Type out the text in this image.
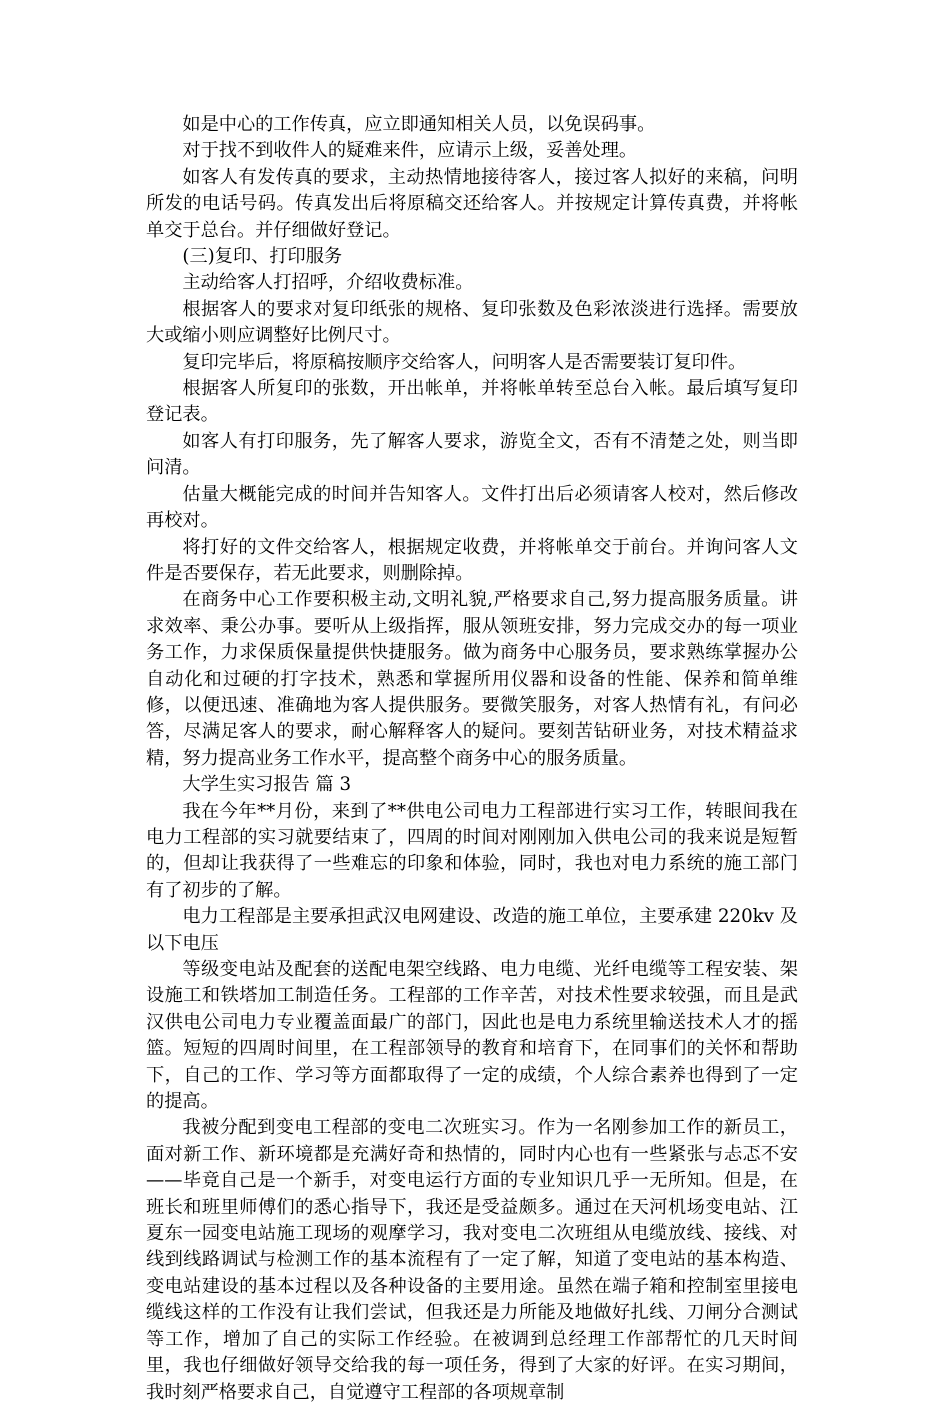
如是中心的工作传真，应立即通知相关人员，以免误码事。

对于找不到收件人的疑难来件，应请示上级，妥善处理。

如客人有发传真的要求，主动热情地接待客人，接过客人拟好的来稿，问明所发的电话号码。传真发出后将原稿交还给客人。并按规定计算传真费，并将帐单交于总台。并仔细做好登记。

(三)复印、打印服务

主动给客人打招呼，介绍收费标准。

根据客人的要求对复印纸张的规格、复印张数及色彩浓淡进行选择。需要放大或缩小则应调整好比例尺寸。

复印完毕后，将原稿按顺序交给客人，问明客人是否需要装订复印件。

根据客人所复印的张数，开出帐单，并将帐单转至总台入帐。最后填写复印登记表。

如客人有打印服务，先了解客人要求，游览全文，否有不清楚之处，则当即问清。

估量大概能完成的时间并告知客人。文件打出后必须请客人校对，然后修改再校对。

将打好的文件交给客人，根据规定收费，并将帐单交于前台。并询问客人文件是否要保存，若无此要求，则删除掉。

在商务中心工作要积极主动,文明礼貌,严格要求自己,努力提高服务质量。讲求效率、秉公办事。要听从上级指挥，服从领班安排，努力完成交办的每一项业务工作，力求保质保量提供快捷服务。做为商务中心服务员，要求熟练掌握办公自动化和过硬的打字技术，熟悉和掌握所用仪器和设备的性能、保养和简单维修，以便迅速、准确地为客人提供服务。要微笑服务，对客人热情有礼，有问必答，尽满足客人的要求，耐心解释客人的疑问。要刻苦钻研业务，对技术精益求精，努力提高业务工作水平，提高整个商务中心的服务质量。

大学生实习报告 篇 3

我在今年**月份，来到了**供电公司电力工程部进行实习工作，转眼间我在电力工程部的实习就要结束了，四周的时间对刚刚加入供电公司的我来说是短暂的，但却让我获得了一些难忘的印象和体验，同时，我也对电力系统的施工部门有了初步的了解。

电力工程部是主要承担武汉电网建设、改造的施工单位，主要承建 220kv 及以下电压

等级变电站及配套的送配电架空线路、电力电缆、光纤电缆等工程安装、架设施工和铁塔加工制造任务。工程部的工作辛苦，对技术性要求较强，而且是武汉供电公司电力专业覆盖面最广的部门，因此也是电力系统里输送技术人才的摇篮。短短的四周时间里，在工程部领导的教育和培育下，在同事们的关怀和帮助下，自己的工作、学习等方面都取得了一定的成绩，个人综合素养也得到了一定的提高。

我被分配到变电工程部的变电二次班实习。作为一名刚参加工作的新员工，面对新工作、新环境都是充满好奇和热情的，同时内心也有一些紧张与忐忑不安——毕竟自己是一个新手，对变电运行方面的专业知识几乎一无所知。但是，在班长和班里师傅们的悉心指导下，我还是受益颇多。通过在天河机场变电站、江夏东一园变电站施工现场的观摩学习，我对变电二次班组从电缆放线、接线、对线到线路调试与检测工作的基本流程有了一定了解，知道了变电站的基本构造、变电站建设的基本过程以及各种设备的主要用途。虽然在端子箱和控制室里接电缆线这样的工作没有让我们尝试，但我还是力所能及地做好扎线、刀闸分合测试等工作，增加了自己的实际工作经验。在被调到总经理工作部帮忙的几天时间里，我也仔细做好领导交给我的每一项任务，得到了大家的好评。在实习期间，我时刻严格要求自己，自觉遵守工程部的各项规章制
